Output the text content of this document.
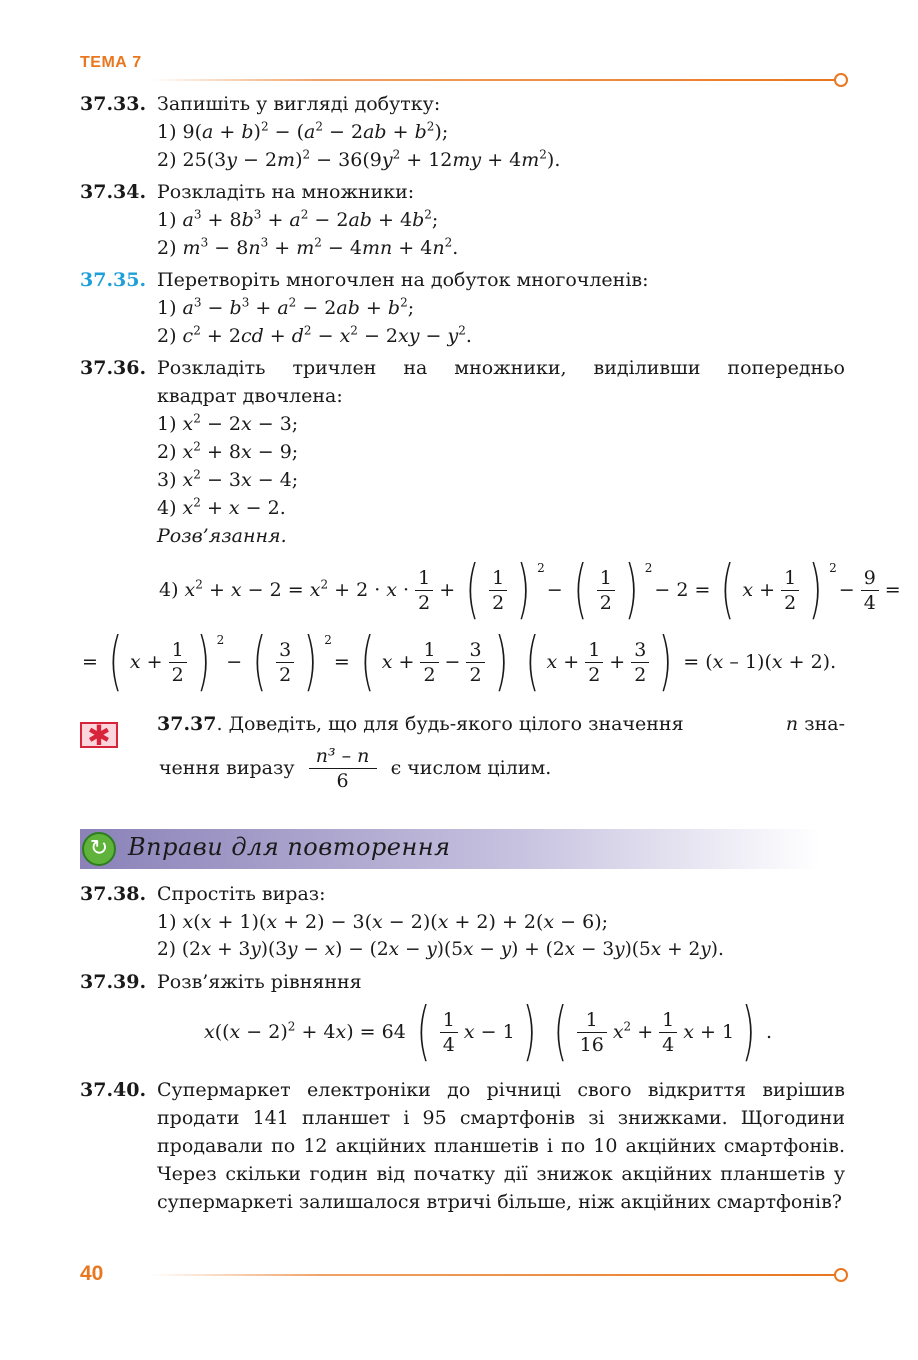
ТЕМА 7
37.33. Запишіть у вигляді добутку:
1) $9(a + b)^2 - (a^2 - 2ab + b^2)$;
2) $25(3y - 2m)^2 - 36(9y^2 + 12my + 4m^2)$.
37.34. Розкладіть на множники:
1) $a^3 + 8b^3 + a^2 - 2ab + 4b^2$;
2) $m^3 - 8n^3 + m^2 - 4mn + 4n^2$.
37.35. Перетворіть многочлен на добуток многочленів:
1) $a^3 - b^3 + a^2 - 2ab + b^2$;
2) $c^2 + 2cd + d^2 - x^2 - 2xy - y^2$.
37.36. Розкладіть тричлен на множники, виділивши попередньо
квадрат двочлена:
1) $x^2 - 2x - 3$;
2) $x^2 + 8x - 9$;
3) $x^2 - 3x - 4$;
4) $x^2 + x - 2$.
Розв’язання.
4) $x^2 + x - 2 = x^2 + 2 \cdot x \cdot \frac{1}{2}$ + ( $\frac{1}{2}$ ) 2
− ( $\frac{1}{2}$ ) 2
− 2 = ( $x + \frac{1}{2}$ ) 2
− $\frac{9}{4}$ =
= ( $x + \frac{1}{2}$ ) 2
− ( $\frac{3}{2}$ ) 2
= ( $x + \frac{1}{2} - \frac{3}{2}$ ) ( $x + \frac{1}{2} + \frac{3}{2}$ ) = (x – 1)(x + 2).
37.37. Доведіть, що для будь-якого цілого значення	n зна-
чення виразу $\frac{\text{n³ – n}}{6}$ є числом цілим.
✱
↻ Вправи для повторення
37.38. Спростіть вираз:
1) x(x + 1)(x + 2) − 3(x − 2)(x + 2) + 2(x − 6);
2) (2x + 3y)(3y − x) − (2x − y)(5x − y) + (2x − 3y)(5x + 2y).
37.39. Розв’яжіть рівняння
$x((x - 2)^2 + 4x) = 64$ ( $\frac{1}{4}$ x − 1 ) ( $\frac{1}{16} x^2 + \frac{1}{4}$ x + 1 ) .
37.40. Супермаркет електроніки до річниці свого відкриття вирішив продати 141 планшет і 95 смартфонів зі знижками. Щогодини продавали по 12 акційних планшетів і по 10 акційних смартфонів. Через скільки годин від початку дії знижок акційних планшетів у супермаркеті залишалося втричі більше, ніж акційних смартфонів?
40
